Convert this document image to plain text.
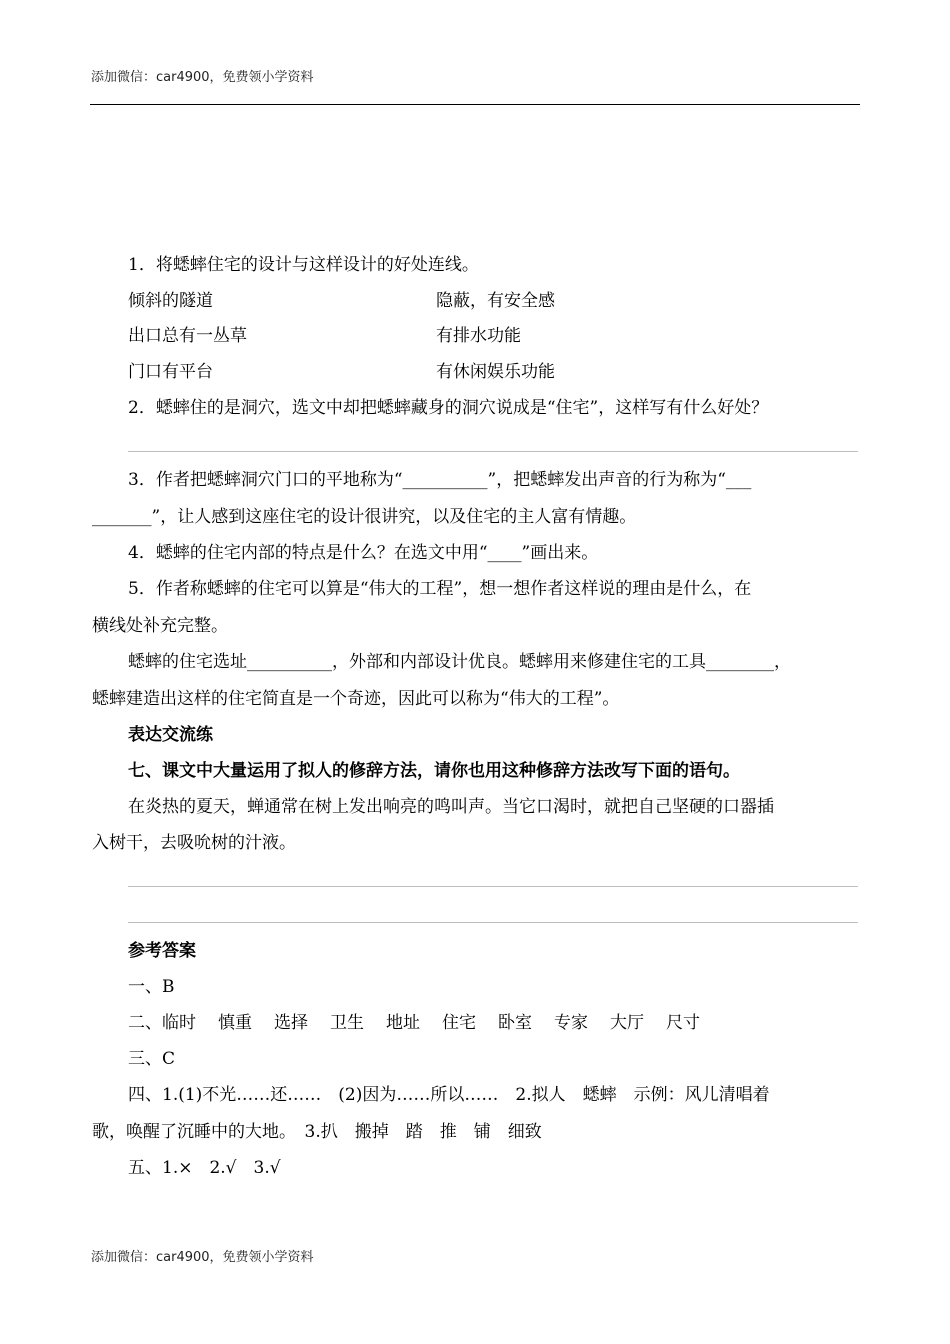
添加微信：car4900，免费领小学资料
1．将蟋蟀住宅的设计与这样设计的好处连线。
倾斜的隧道	隐蔽，有安全感
出口总有一丛草	有排水功能
门口有平台	有休闲娱乐功能
2．蟋蟀住的是洞穴，选文中却把蟋蟀藏身的洞穴说成是“住宅”，这样写有什么好处？
3．作者把蟋蟀洞穴门口的平地称为“__________”，把蟋蟀发出声音的行为称为“___
_______”，让人感到这座住宅的设计很讲究，以及住宅的主人富有情趣。
4．蟋蟀的住宅内部的特点是什么？在选文中用“____”画出来。
5．作者称蟋蟀的住宅可以算是“伟大的工程”，想一想作者这样说的理由是什么，在
横线处补充完整。
蟋蟀的住宅选址__________，外部和内部设计优良。蟋蟀用来修建住宅的工具________，
蟋蟀建造出这样的住宅简直是一个奇迹，因此可以称为“伟大的工程”。
表达交流练
七、课文中大量运用了拟人的修辞方法，请你也用这种修辞方法改写下面的语句。
在炎热的夏天，蝉通常在树上发出响亮的鸣叫声。当它口渴时，就把自己坚硬的口器插
入树干，去吸吮树的汁液。
参考答案
一、B
二、临时 慎重 选择 卫生 地址 住宅 卧室 专家 大厅 尺寸
三、C
四、1.(1)不光……还……　(2)因为……所以……　2.拟人　蟋蟀　示例：风儿清唱着
歌，唤醒了沉睡中的大地。　3.扒　搬掉　踏　推　铺　细致
五、1.×　2.√　3.√
添加微信：car4900，免费领小学资料
